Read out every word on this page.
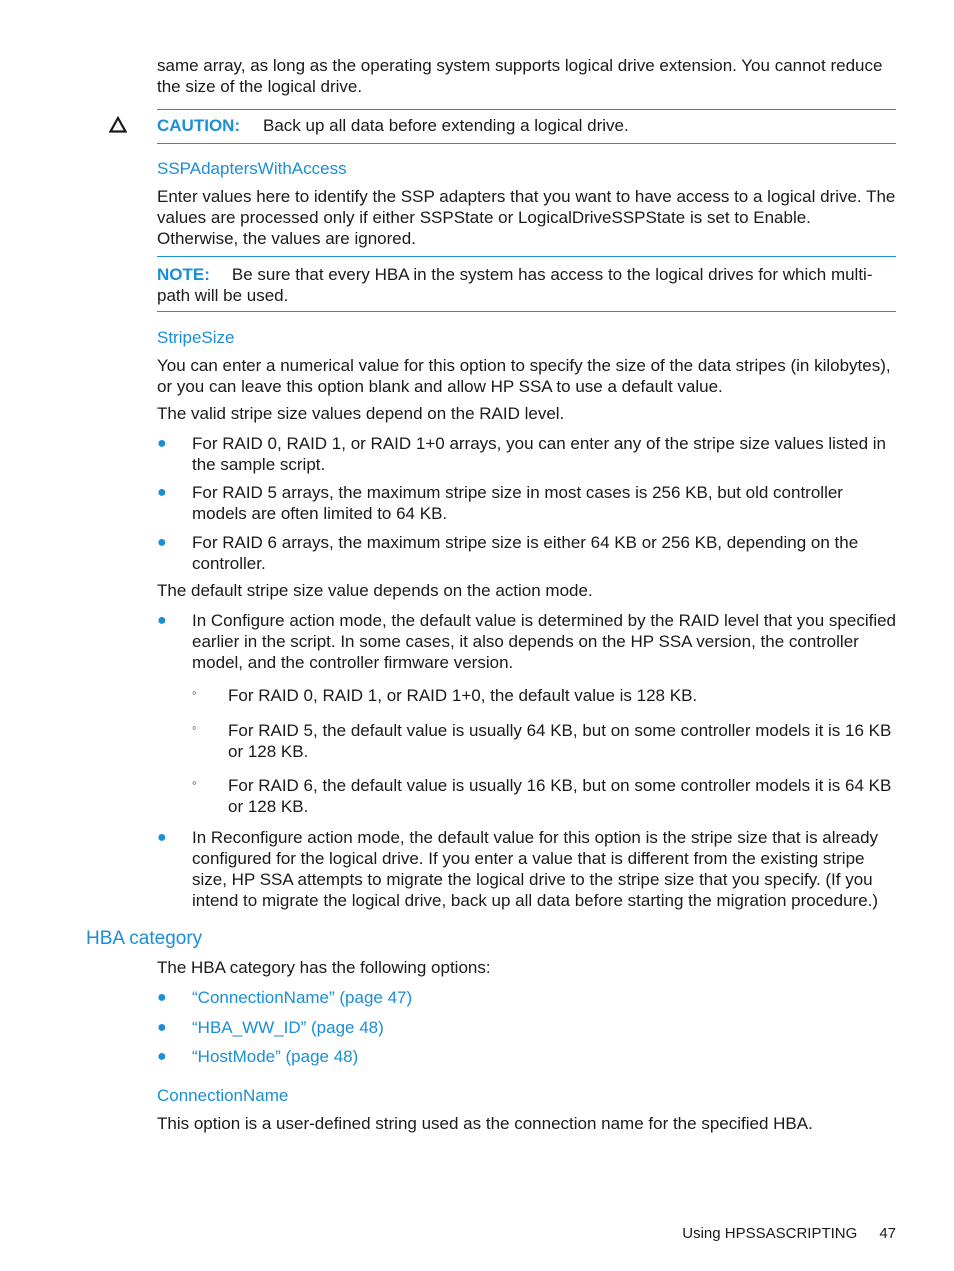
same array, as long as the operating system supports logical drive extension. You cannot reduce the size of the logical drive.

CAUTION: Back up all data before extending a logical drive.
SSPAdaptersWithAccess

Enter values here to identify the SSP adapters that you want to have access to a logical drive. The values are processed only if either SSPState or LogicalDriveSSPState is set to Enable. Otherwise, the values are ignored.

NOTE: Be sure that every HBA in the system has access to the logical drives for which multi-path will be used.

StripeSize

You can enter a numerical value for this option to specify the size of the data stripes (in kilobytes), or you can leave this option blank and allow HP SSA to use a default value.

The valid stripe size values depend on the RAID level.

● For RAID 0, RAID 1, or RAID 1+0 arrays, you can enter any of the stripe size values listed in the sample script.
● For RAID 5 arrays, the maximum stripe size in most cases is 256 KB, but old controller models are often limited to 64 KB.
● For RAID 6 arrays, the maximum stripe size is either 64 KB or 256 KB, depending on the controller.

The default stripe size value depends on the action mode.

● In Configure action mode, the default value is determined by the RAID level that you specified earlier in the script. In some cases, it also depends on the HP SSA version, the controller model, and the controller firmware version.
◦ For RAID 0, RAID 1, or RAID 1+0, the default value is 128 KB.
◦ For RAID 5, the default value is usually 64 KB, but on some controller models it is 16 KB or 128 KB.
◦ For RAID 6, the default value is usually 16 KB, but on some controller models it is 64 KB or 128 KB.
● In Reconfigure action mode, the default value for this option is the stripe size that is already configured for the logical drive. If you enter a value that is different from the existing stripe size, HP SSA attempts to migrate the logical drive to the stripe size that you specify. (If you intend to migrate the logical drive, back up all data before starting the migration procedure.)
HBA category

The HBA category has the following options:

● “ConnectionName” (page 47)
● “HBA_WW_ID” (page 48)
● “HostMode” (page 48)
ConnectionName

This option is a user-defined string used as the connection name for the specified HBA.

Using HPSSASCRIPTING 47
